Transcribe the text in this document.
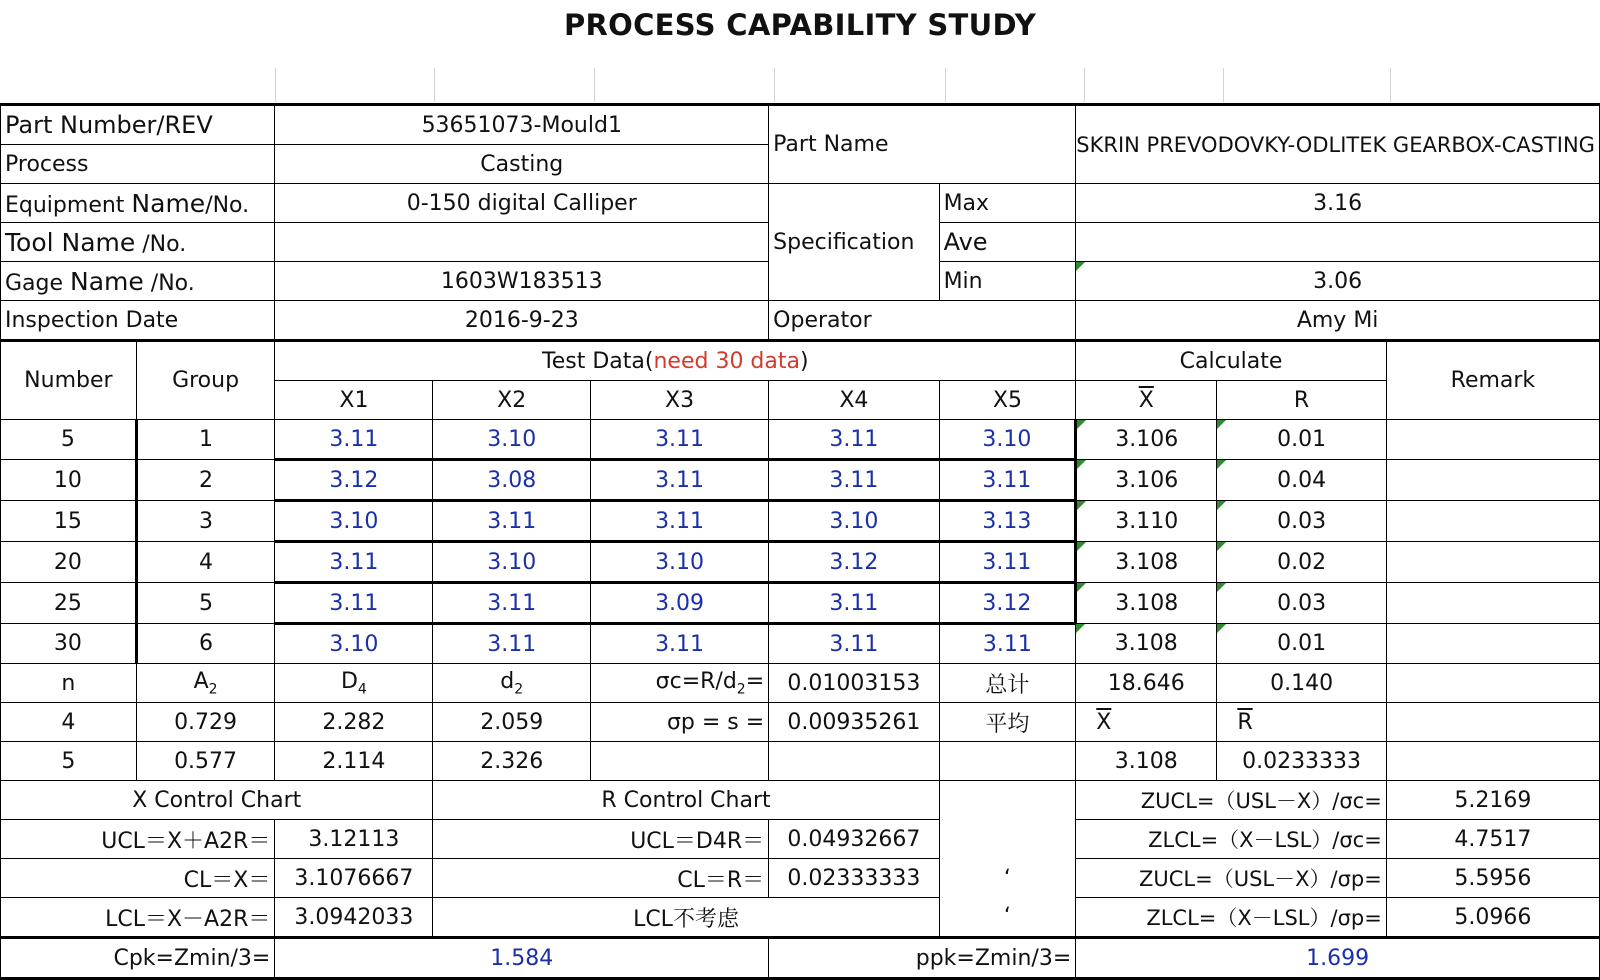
PROCESS CAPABILITY STUDY
Part Number/REV		53651073-Mould1			Part Name		SKRIN PREVODOVKY-ODLITEK GEARBOX-CASTING		
Process		Casting							
Equipment Name/No.		0-150 digital Calliper			Specification	Max	3.16		
Tool Name /No.						Ave			
Gage Name /No.		1603W183513				Min	3.06		
Inspection Date		2016-9-23			Operator		Amy Mi		
Number	Group	Test Data(need 30 data)					Calculate		Remark
		X1	X2	X3	X4	X5	$\overline{X}$	R	
5	1	3.11	3.10	3.11	3.11	3.10	3.106	0.01	
10	2	3.12	3.08	3.11	3.11	3.11	3.106	0.04	
15	3	3.10	3.11	3.11	3.10	3.13	3.110	0.03	
20	4	3.11	3.10	3.10	3.12	3.11	3.108	0.02	
25	5	3.11	3.11	3.09	3.11	3.12	3.108	0.03	
30	6	3.10	3.11	3.11	3.11	3.11	3.108	0.01	
n	$A_2$	$D_4$	$d_2$	$\sigma c=R/d_2=$	0.01003153	总计	18.646	0.140	
4	0.729	2.282	2.059	σp = s =	0.00935261	平均	$\overline{X}$	$\overline{R}$	
5	0.577	2.114	2.326				3.108	0.0233333	
X Control Chart			R Control Chart				ZUCL=（USL－X）/σc=		5.2169
UCL＝X＋A2R＝		3.12113	UCL＝D4R＝		0.04932667		ZLCL=（X－LSL）/σc=		4.7517
CL＝X＝		3.1076667	CL＝R＝		0.02333333	‘	ZUCL=（USL－X）/σp=		5.5956
LCL＝X－A2R＝		3.0942033	LCL不考虑			‘	ZLCL=（X－LSL）/σp=		5.0966
Cpk=Zmin/3=		1.584			ppk=Zmin/3=		1.699		
